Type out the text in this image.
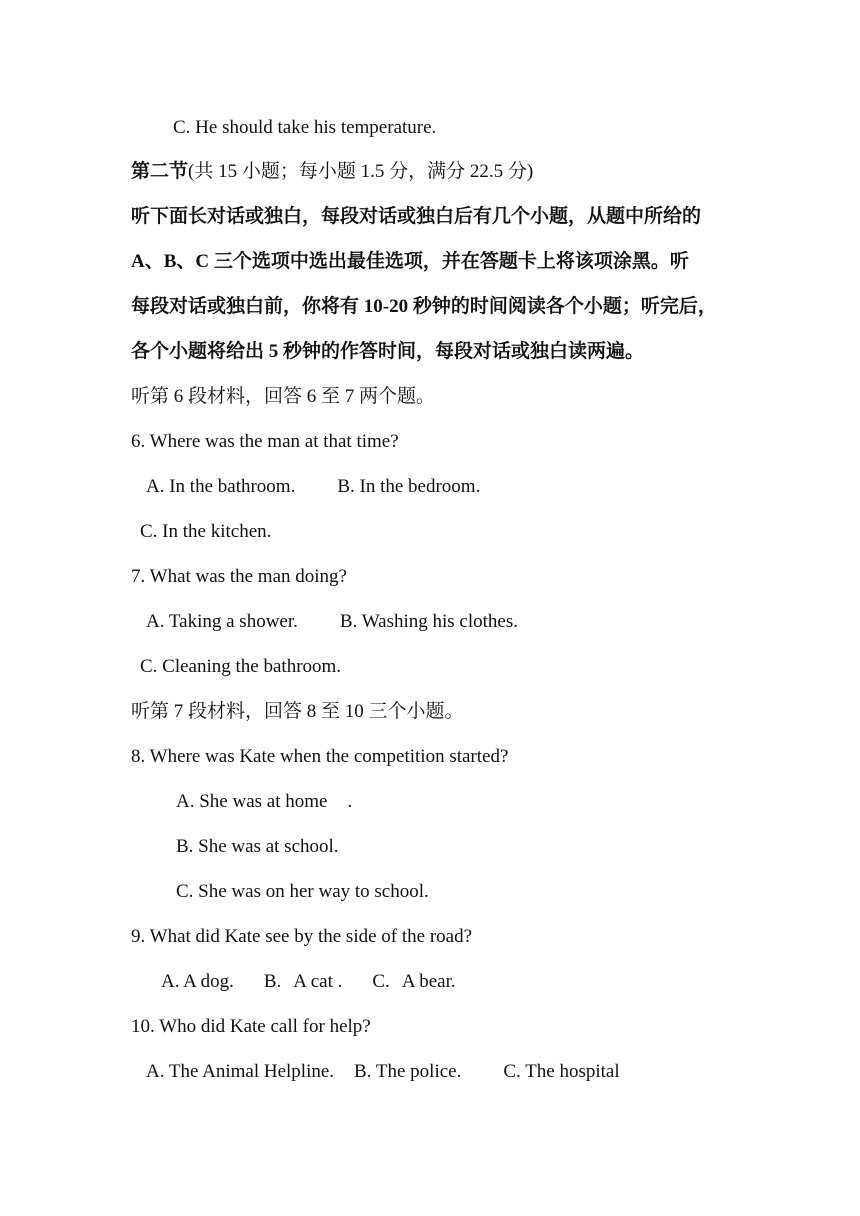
C. He should take his temperature.
第二节(共 15 小题；每小题 1.5 分，满分 22.5 分)
听下面长对话或独白，每段对话或独白后有几个小题，从题中所给的
A、B、C 三个选项中选出最佳选项，并在答题卡上将该项涂黑。听
每段对话或独白前，你将有 10-20 秒钟的时间阅读各个小题；听完后，
各个小题将给出 5 秒钟的作答时间，每段对话或独白读两遍。
听第 6 段材料，回答 6 至 7 两个题。
6. Where was the man at that time?
A. In the bathroom. B. In the bedroom.
C. In the kitchen.
7. What was the man doing?
A. Taking a shower. B. Washing his clothes.
C. Cleaning the bathroom.
听第 7 段材料，回答 8 至 10 三个小题。
8. Where was Kate when the competition started?
A. She was at home .
B. She was at school.
C. She was on her way to school.
9. What did Kate see by the side of the road?
A. A dog. B. A cat . C. A bear.
10. Who did Kate call for help?
A. The Animal Helpline. B. The police. C. The hospital
